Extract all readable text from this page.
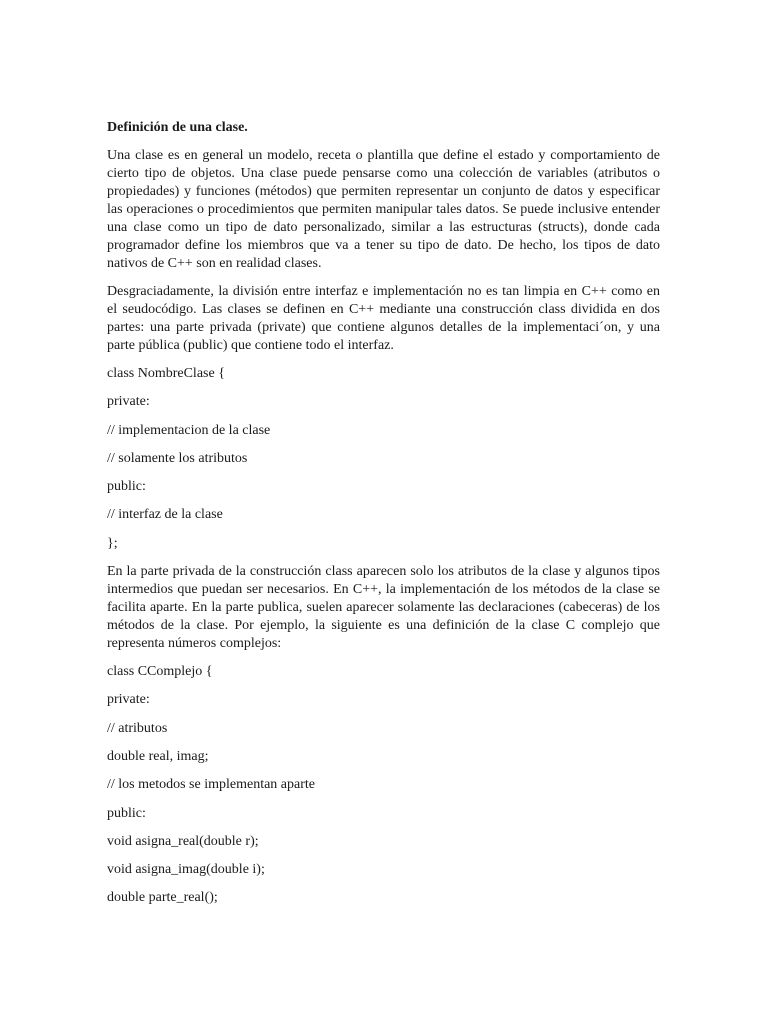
Definición de una clase.

Una clase es en general un modelo, receta o plantilla que define el estado y comportamiento de cierto tipo de objetos. Una clase puede pensarse como una colección de variables (atributos o propiedades) y funciones (métodos) que permiten representar un conjunto de datos y especificar las operaciones o procedimientos que permiten manipular tales datos. Se puede inclusive entender una clase como un tipo de dato personalizado, similar a las estructuras (structs), donde cada programador define los miembros que va a tener su tipo de dato. De hecho, los tipos de dato nativos de C++ son en realidad clases.

Desgraciadamente, la división entre interfaz e implementación no es tan limpia en C++ como en el seudocódigo. Las clases se definen en C++ mediante una construcción class dividida en dos partes: una parte privada (private) que contiene algunos detalles de la implementaci´on, y una parte pública (public) que contiene todo el interfaz.

class NombreClase {

private:

// implementacion de la clase

// solamente los atributos

public:

// interfaz de la clase

};

En la parte privada de la construcción class aparecen solo los atributos de la clase y algunos tipos intermedios que puedan ser necesarios. En C++, la implementación de los métodos de la clase se facilita aparte. En la parte publica, suelen aparecer solamente las declaraciones (cabeceras) de los métodos de la clase. Por ejemplo, la siguiente es una definición de la clase C complejo que representa números complejos:

class CComplejo {

private:

// atributos

double real, imag;

// los metodos se implementan aparte

public:

void asigna_real(double r);

void asigna_imag(double i);

double parte_real();
